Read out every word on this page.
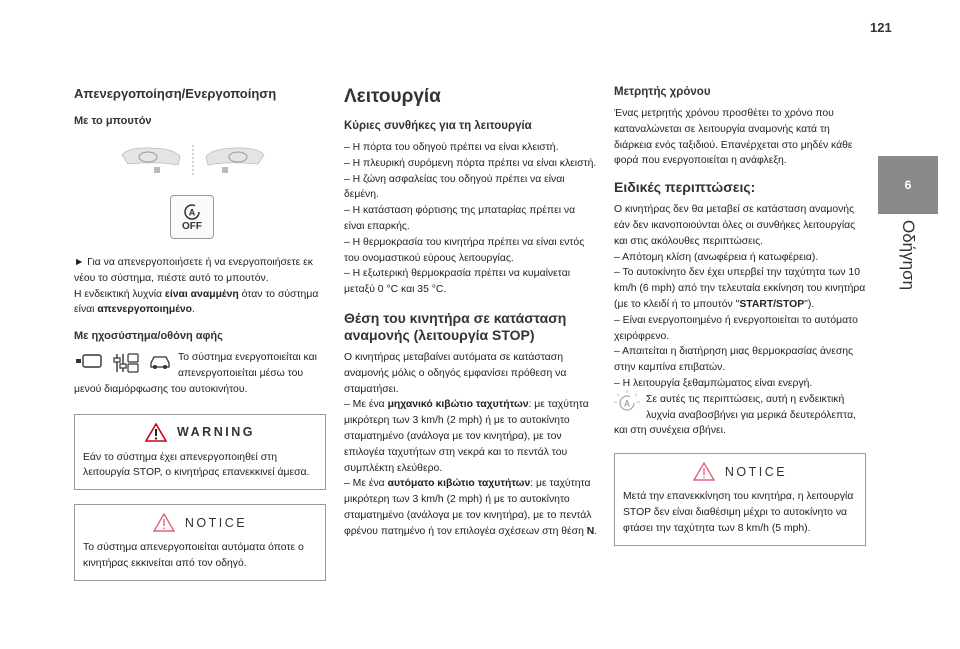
121
6
Οδήγηση
Απενεργοποίηση/Ενεργοποίηση
Με το μπουτόν
A
OFF

► Για να απενεργοποιήσετε ή να ενεργοποιήσετε εκ νέου το σύστημα, πιέστε αυτό το μπουτόν.

Η ενδεικτική λυχνία είναι αναμμένη όταν το σύστημα είναι απενεργοποιημένο.

Με ηχοσύστημα/οθόνη αφής

Το σύστημα ενεργοποιείται και απενεργοποιείται μέσω του μενού διαμόρφωσης του αυτοκινήτου.

WARNING

Εάν το σύστημα έχει απενεργοποιηθεί στη λειτουργία STOP, ο κινητήρας επανεκκινεί άμεσα.

NOTICE

Το σύστημα απενεργοποιείται αυτόματα όποτε ο κινητήρας εκκινείται από τον οδηγό.

Λειτουργία
Κύριες συνθήκες για τη λειτουργία

– Η πόρτα του οδηγού πρέπει να είναι κλειστή.

– Η πλευρική συρόμενη πόρτα πρέπει να είναι κλειστή.

– Η ζώνη ασφαλείας του οδηγού πρέπει να είναι δεμένη.

– Η κατάσταση φόρτισης της μπαταρίας πρέπει να είναι επαρκής.

– Η θερμοκρασία του κινητήρα πρέπει να είναι εντός του ονομαστικού εύρους λειτουργίας.

– Η εξωτερική θερμοκρασία πρέπει να κυμαίνεται μεταξύ 0 °C και 35 °C.

Θέση του κινητήρα σε κατάσταση αναμονής (λειτουργία STOP)

Ο κινητήρας μεταβαίνει αυτόματα σε κατάσταση αναμονής μόλις ο οδηγός εμφανίσει πρόθεση να σταματήσει.

– Με ένα μηχανικό κιβώτιο ταχυτήτων: με ταχύτητα μικρότερη των 3 km/h (2 mph) ή με το αυτοκίνητο σταματημένο (ανάλογα με τον κινητήρα), με τον επιλογέα ταχυτήτων στη νεκρά και το πεντάλ του συμπλέκτη ελεύθερο.

– Με ένα αυτόματο κιβώτιο ταχυτήτων: με ταχύτητα μικρότερη των 3 km/h (2 mph) ή με το αυτοκίνητο σταματημένο (ανάλογα με τον κινητήρα), με το πεντάλ φρένου πατημένο ή τον επιλογέα σχέσεων στη θέση N.

Μετρητής χρόνου

Ένας μετρητής χρόνου προσθέτει το χρόνο που καταναλώνεται σε λειτουργία αναμονής κατά τη διάρκεια ενός ταξιδιού. Επανέρχεται στο μηδέν κάθε φορά που ενεργοποιείται η ανάφλεξη.

Ειδικές περιπτώσεις:

Ο κινητήρας δεν θα μεταβεί σε κατάσταση αναμονής εάν δεν ικανοποιούνται όλες οι συνθήκες λειτουργίας και στις ακόλουθες περιπτώσεις.

– Απότομη κλίση (ανωφέρεια ή κατωφέρεια).

– Το αυτοκίνητο δεν έχει υπερβεί την ταχύτητα των 10 km/h (6 mph) από την τελευταία εκκίνηση του κινητήρα (με το κλειδί ή το μπουτόν "START/STOP").

– Είναι ενεργοποιημένο ή ενεργοποιείται το αυτόματο χειρόφρενο.

– Απαιτείται η διατήρηση μιας θερμοκρασίας άνεσης στην καμπίνα επιβατών.

– Η λειτουργία ξεθαμπώματος είναι ενεργή.

A	Σε αυτές τις περιπτώσεις, αυτή η ενδεικτική λυχνία αναβοσβήνει για μερικά δευτερόλεπτα, και στη συνέχεια σβήνει.

NOTICE

Μετά την επανεκκίνηση του κινητήρα, η λειτουργία STOP δεν είναι διαθέσιμη μέχρι το αυτοκίνητο να φτάσει την ταχύτητα των 8 km/h (5 mph).
